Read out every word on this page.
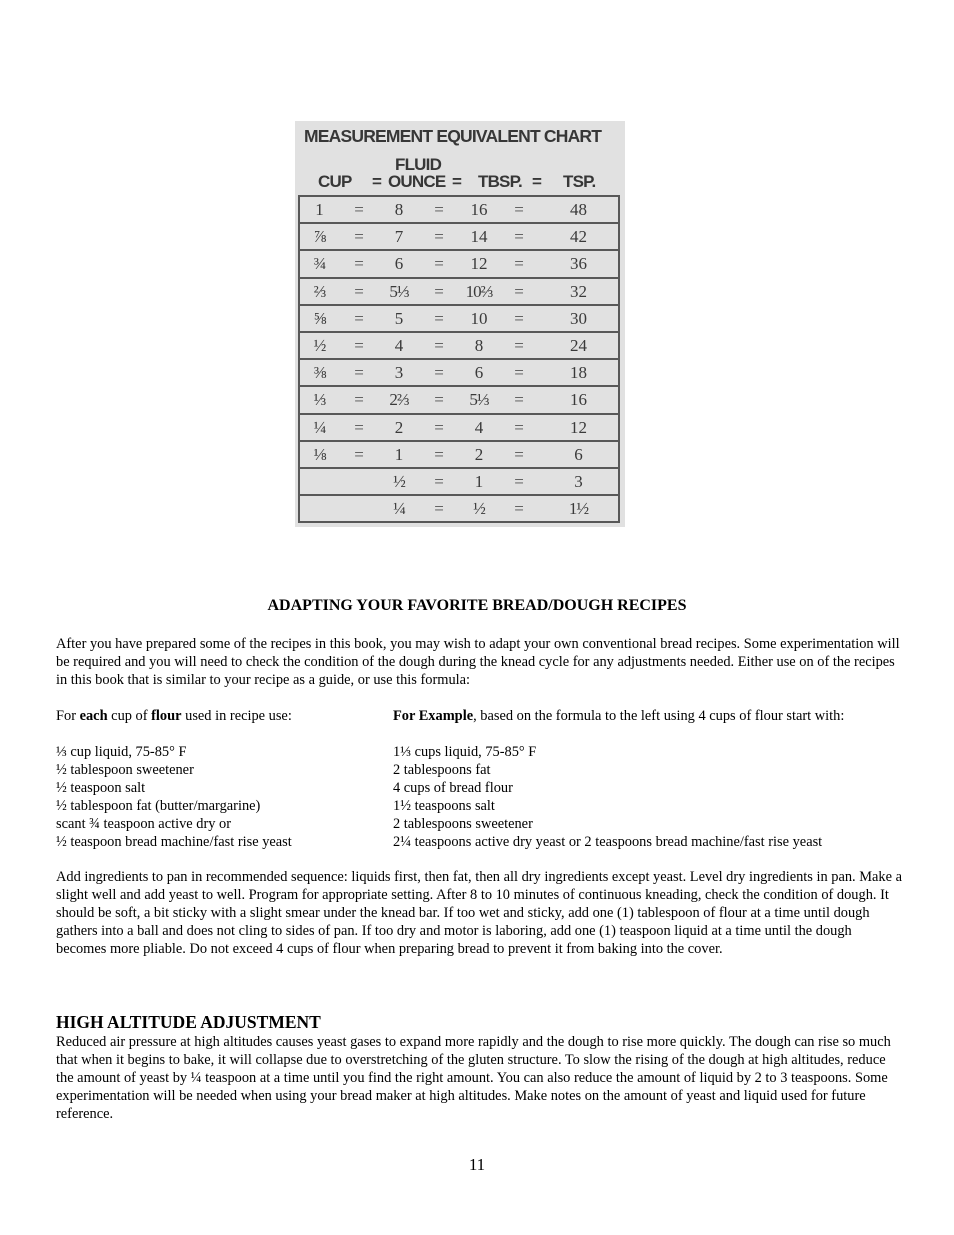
MEASUREMENT EQUIVALENT CHART
CUP =
FLUID
OUNCE = TBSP. = TSP.
1	=	8	=	16	=	48
⅞	=	7	=	14	=	42
¾	=	6	=	12	=	36
⅔	=	5⅓	=	10⅔	=	32
⅝	=	5	=	10	=	30
½	=	4	=	8	=	24
⅜	=	3	=	6	=	18
⅓	=	2⅔	=	5⅓	=	16
¼	=	2	=	4	=	12
⅛	=	1	=	2	=	6
		½	=	1	=	3
		¼	=	½	=	1½
ADAPTING YOUR FAVORITE BREAD/DOUGH RECIPES
After you have prepared some of the recipes in this book, you may wish to adapt your own conventional bread recipes. Some experimentation will be required and you will need to check the condition of the dough during the knead cycle for any adjustments needed. Either use on of the recipes in this book that is similar to your recipe as a guide, or use this formula:

For each cup of flour used in recipe use:

⅓ cup liquid, 75-85° F

½ tablespoon sweetener

½ teaspoon salt

½ tablespoon fat (butter/margarine)

scant ¾ teaspoon active dry or

½ teaspoon bread machine/fast rise yeast

For Example, based on the formula to the left using 4 cups of flour start with:

1⅓ cups liquid, 75-85° F

2 tablespoons fat

4 cups of bread flour

1½ teaspoons salt

2 tablespoons sweetener

2¼ teaspoons active dry yeast or 2 teaspoons bread machine/fast rise yeast

Add ingredients to pan in recommended sequence: liquids first, then fat, then all dry ingredients except yeast. Level dry ingredients in pan. Make a slight well and add yeast to well. Program for appropriate setting. After 8 to 10 minutes of continuous kneading, check the condition of dough. It should be soft, a bit sticky with a slight smear under the knead bar. If too wet and sticky, add one (1) tablespoon of flour at a time until dough gathers into a ball and does not cling to sides of pan. If too dry and motor is laboring, add one (1) teaspoon liquid at a time until the dough becomes more pliable. Do not exceed 4 cups of flour when preparing bread to prevent it from baking into the cover.
HIGH ALTITUDE ADJUSTMENT
Reduced air pressure at high altitudes causes yeast gases to expand more rapidly and the dough to rise more quickly. The dough can rise so much that when it begins to bake, it will collapse due to overstretching of the gluten structure. To slow the rising of the dough at high altitudes, reduce the amount of yeast by ¼ teaspoon at a time until you find the right amount. You can also reduce the amount of liquid by 2 to 3 teaspoons. Some experimentation will be needed when using your bread maker at high altitudes. Make notes on the amount of yeast and liquid used for future reference.
11
